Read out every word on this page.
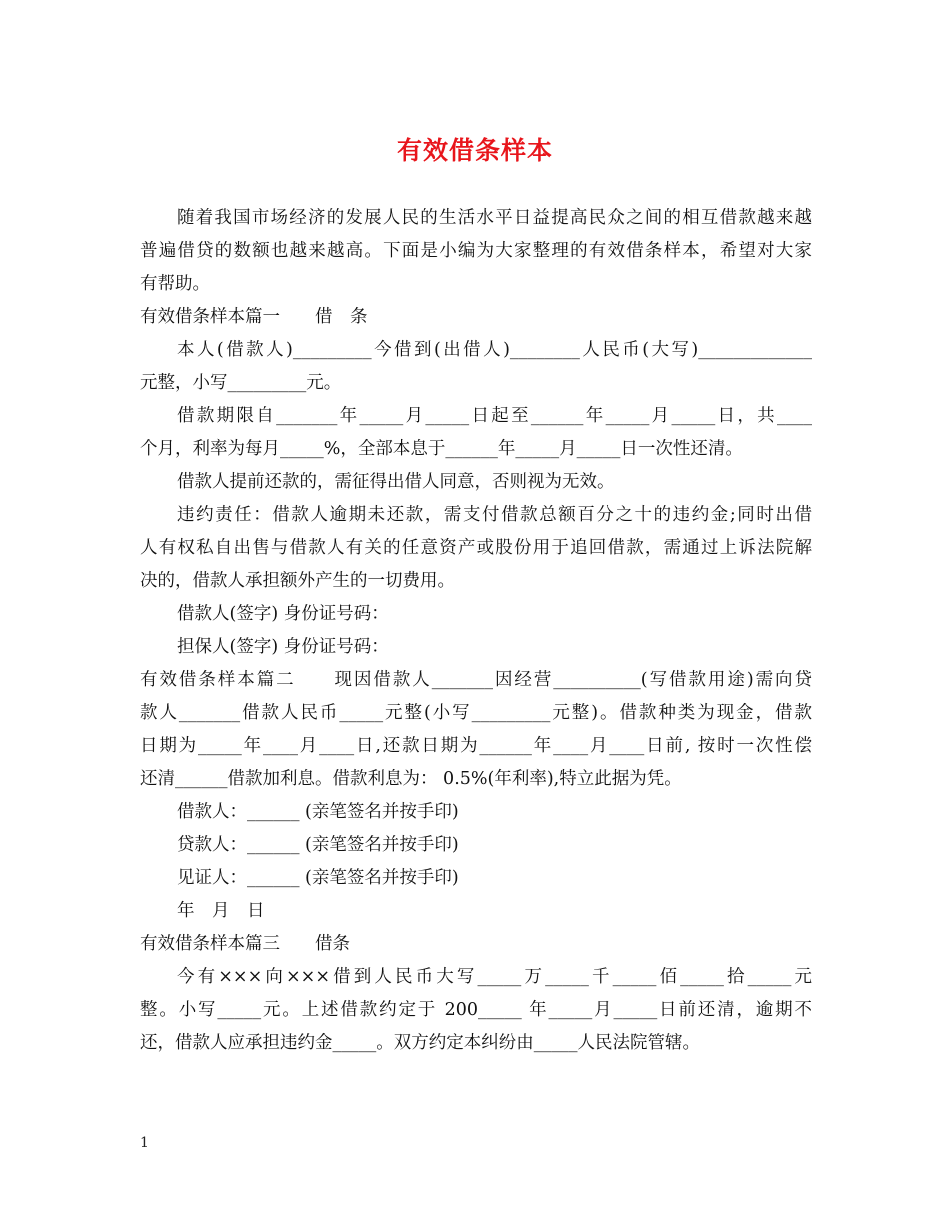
有效借条样本
随着我国市场经济的发展人民的生活水平日益提高民众之间的相互借款越来越
普遍借贷的数额也越来越高。下面是小编为大家整理的有效借条样本，希望对大家
有帮助。
有效借条样本篇一　　借　条
本人(借款人)_________今借到(出借人)________人民币(大写)_____________
元整，小写_________元。
借款期限自_______年_____月_____日起至______年_____月_____日，共____
个月，利率为每月_____%，全部本息于______年_____月_____日一次性还清。
借款人提前还款的，需征得出借人同意，否则视为无效。
违约责任：借款人逾期未还款，需支付借款总额百分之十的违约金;同时出借
人有权私自出售与借款人有关的任意资产或股份用于追回借款，需通过上诉法院解
决的，借款人承担额外产生的一切费用。
借款人(签字) 身份证号码：
担保人(签字) 身份证号码：
有效借条样本篇二　　现因借款人_______因经营__________(写借款用途)需向贷
款人_______借款人民币_____元整(小写_________元整)。借款种类为现金，借款
日期为_____年____月____日,还款日期为______年____月____日前, 按时一次性偿
还清______借款加利息。借款利息为： 0.5%(年利率),特立此据为凭。
借款人：______ (亲笔签名并按手印)
贷款人：______ (亲笔签名并按手印)
见证人：______ (亲笔签名并按手印)
年　月　日
有效借条样本篇三　　借条
今有×××向×××借到人民币大写_____万_____千_____佰_____拾_____元
整。小写_____元。上述借款约定于 200_____ 年_____月_____日前还清，逾期不
还，借款人应承担违约金_____。双方约定本纠纷由_____人民法院管辖。
1
